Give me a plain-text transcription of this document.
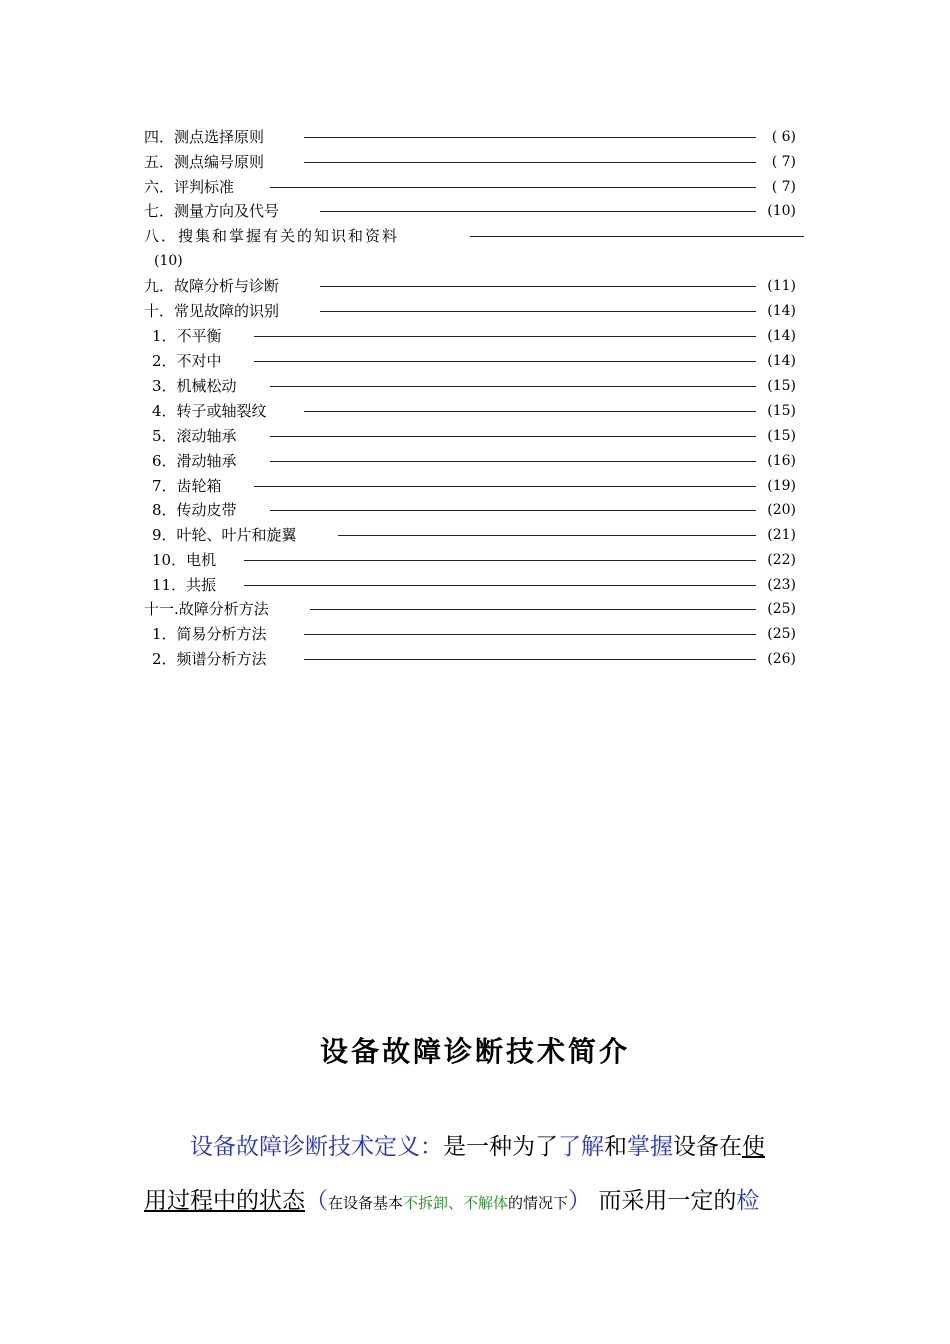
四．测点选择原则	( 6)
五．测点编号原则	( 7)
六．评判标准	( 7)
七．测量方向及代号	(10)
八．搜集和掌握有关的知识和资料
(10)
九．故障分析与诊断	(11)
十．常见故障的识别	(14)
1．不平衡	(14)
2．不对中	(14)
3．机械松动	(15)
4．转子或轴裂纹	(15)
5．滚动轴承	(15)
6．滑动轴承	(16)
7．齿轮箱	(19)
8．传动皮带	(20)
9．叶轮、叶片和旋翼	(21)
10．电机	(22)
11．共振	(23)
十一.故障分析方法	(25)
1．简易分析方法	(25)
2．频谱分析方法	(26)
设备故障诊断技术简介
设备故障诊断技术定义：是一种为了了解和掌握设备在使
用过程中的状态（在设备基本不拆卸、不解体的情况下） 而采用一定的检
